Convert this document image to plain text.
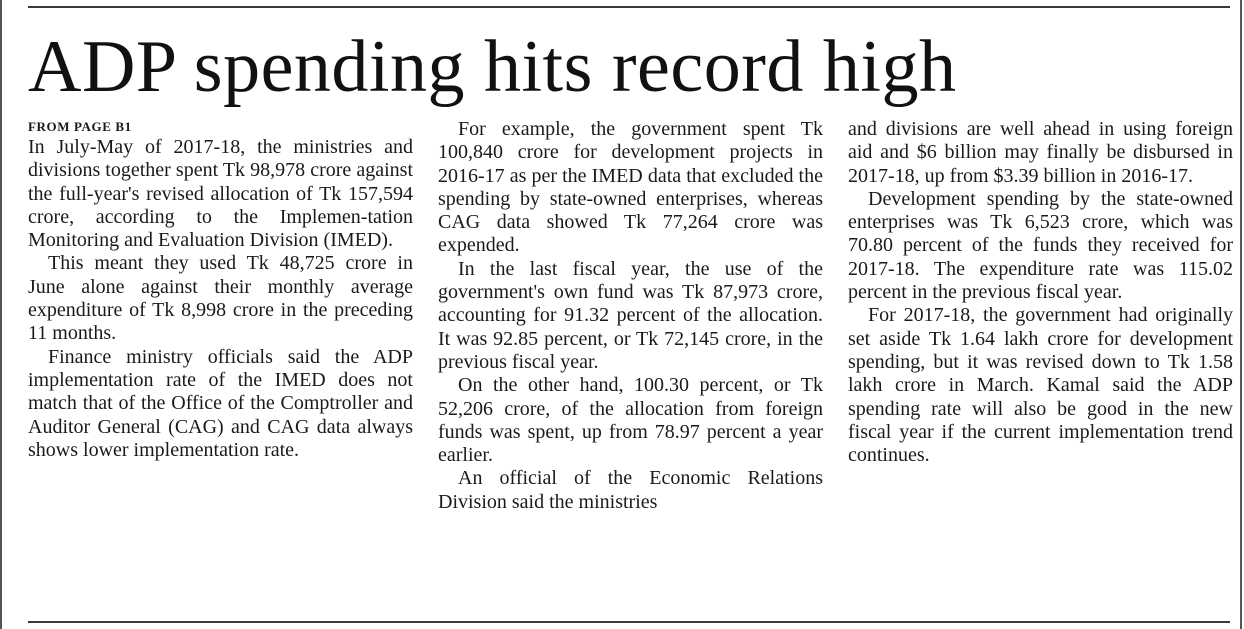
ADP spending hits record high
FROM PAGE B1

In July-May of 2017-18, the ministries and divisions together spent Tk 98,978 crore against the full-year's revised allocation of Tk 157,594 crore, according to the Implemen-tation Monitoring and Evaluation Division (IMED).

This meant they used Tk 48,725 crore in June alone against their monthly average expenditure of Tk 8,998 crore in the preceding 11 months.

Finance ministry officials said the ADP implementation rate of the IMED does not match that of the Office of the Comptroller and Auditor General (CAG) and CAG data always shows lower implementation rate.

For example, the government spent Tk 100,840 crore for development projects in 2016-17 as per the IMED data that excluded the spending by state-owned enterprises, whereas CAG data showed Tk 77,264 crore was expended.

In the last fiscal year, the use of the government's own fund was Tk 87,973 crore, accounting for 91.32 percent of the allocation. It was 92.85 percent, or Tk 72,145 crore, in the previous fiscal year.

On the other hand, 100.30 percent, or Tk 52,206 crore, of the allocation from foreign funds was spent, up from 78.97 percent a year earlier.

An official of the Economic Relations Division said the ministries

and divisions are well ahead in using foreign aid and $6 billion may finally be disbursed in 2017-18, up from $3.39 billion in 2016-17.

Development spending by the state-owned enterprises was Tk 6,523 crore, which was 70.80 percent of the funds they received for 2017-18. The expenditure rate was 115.02 percent in the previous fiscal year.

For 2017-18, the government had originally set aside Tk 1.64 lakh crore for development spending, but it was revised down to Tk 1.58 lakh crore in March. Kamal said the ADP spending rate will also be good in the new fiscal year if the current implementation trend continues.
